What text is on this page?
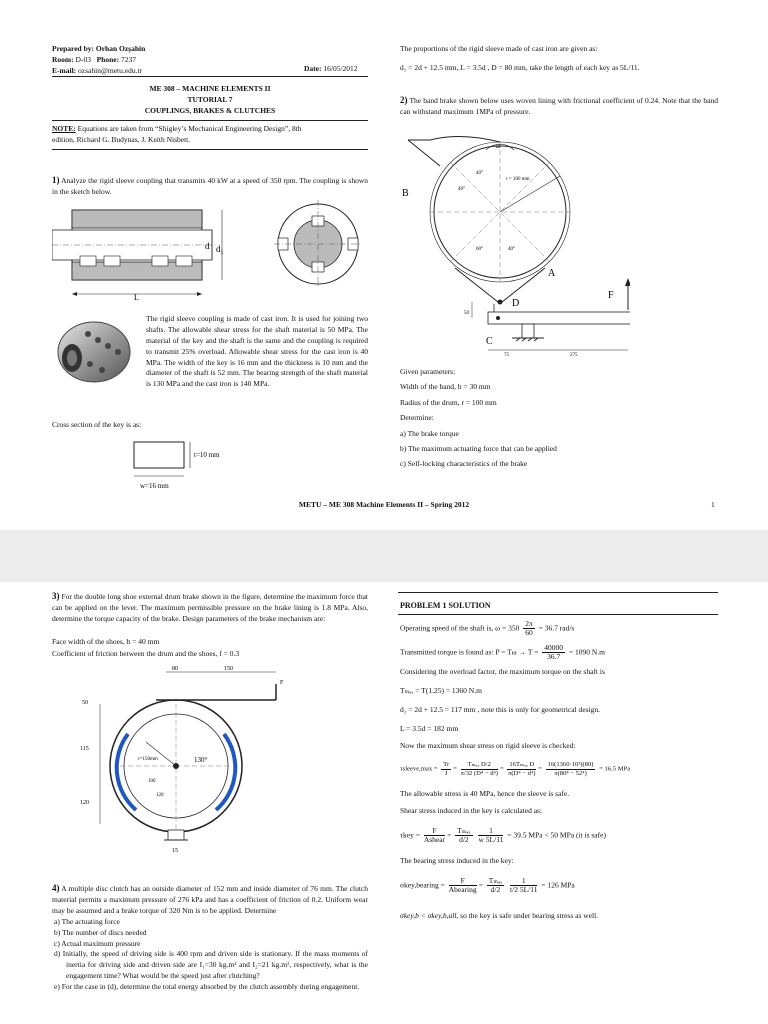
Prepared by: Orhan Ozşahin
Room: D-03 Phone: 7237
E-mail: ozsahin@metu.edu.tr	Date: 16/05/2012
ME 308 – MACHINE ELEMENTS II
TUTORIAL 7
COUPLINGS, BRAKES & CLUTCHES
NOTE: Equations are taken from “Shigley’s Mechanical Engineering Design”, 8th
edition, Richard G. Budynas, J. Keith Nisbett.
1) Analyze the rigid sleeve coupling that transmits 40 kW at a speed of 350 rpm. The coupling is shown in the sketch below.
d $d_1$
L
The rigid sleeve coupling is made of cast iron. It is used for joining two shafts. The allowable shear stress for the shaft material is 50 MPa. The material of the key and the shaft is the same and the coupling is required to transmit 25% overload. Allowable shear stress for the cast iron is 40 MPa. The width of the key is 16 mm and the thickness is 10 mm and the diameter of the shaft is 52 mm. The bearing strength of the shaft material is 130 MPa and the cast iron is 140 MPa.
Cross section of the key is as:
t=10 mm
w=16 mm
The proportions of the rigid sleeve made of cast iron are given as:
d₁ = 2d + 12.5 mm, L = 3.5d , D = 80 mm, take the length of each key as 5L/11.
2) The band brake shown below uses woven lining with frictional coefficient of 0.24. Note that the band can withstand maximum 1MPa of pressure.
B
A
D
C
F
ω
r = 100 mm
40°
40°
60°	40°
50
75	275
Given parameters:
Width of the band, b = 30 mm
Radius of the drum, r = 100 mm
Determine:
a) The brake torque
b) The maximum actuating force that can be applied
c) Self-locking characteristics of the brake
METU – ME 308 Machine Elements II – Spring 2012	1
3) For the double long shoe external drum brake shown in the figure, determine the maximum force that can be applied on the lever. The maximum permissible pressure on the brake lining is 1.8 MPa. Also, determine the torque capacity of the brake. Design parameters of the brake mechanism are:
Face width of the shoes, b = 40 mm
Coefficient of friction between the drum and the shoes, f = 0.3
80	150
50
115
120
15
130°
F
r=150mm
100
120
4) A multiple disc clutch has an outside diameter of 152 mm and inside diameter of 76 mm. The clutch material permits a maximum pressure of 276 kPa and has a coefficient of friction of 0.2. Uniform wear may be assumed and a brake torque of 320 Nm is to be applied. Determine
a) The actuating force
b) The number of discs needed
c) Actual maximum pressure
d) Initially, the speed of driving side is 400 rpm and driven side is stationary. If the mass moments of inertia for driving side and driven side are I₁=30 kg.m² and I₂=21 kg.m², respectively, what is the engagement time? What would be the speed just after clutching?
e) For the case in (d), determine the total energy absorbed by the clutch assembly during engagement.
PROBLEM 1 SOLUTION
Operating speed of the shaft is, $\omega = 350 \frac{2\pi}{60} = 36.7$ rad/s
Transmitted torque is found as: $P = T\omega \to T = \frac{40000}{36.7} = 1090$ N.m
Considering the overload factor, the maximum torque on the shaft is
Tₘₐₓ = T(1.25) = 1360 N.m
d₁ = 2d + 12.5 = 117 mm , note this is only for geometrical design.
L = 3.5d = 182 mm
Now the maximum shear stress on rigid sleeve is checked:
τsleeve,max = $\frac{Tr}{J} = \frac{\text{Tₘₐₓ D/2}}{\text{π/32 (D⁴ − d⁴)}} = \frac{\text{16Tₘₐₓ D}}{\text{π(D⁴ − d⁴)}} = \frac{\text{16(1360·10³)(80)}}{\text{π(80⁴ − 52⁴)}} = 16.5$ MPa
The allowable stress is 40 MPa, hence the sleeve is safe.
Shear stress induced in the key is calculated as:
$\tau key = \frac{F}{\text{Ashear}} = \frac{\text{Tₘₐₓ}}{d/2}$
$\frac{1}{w 5L/11} = 39.5$ MPa < 50 MPa (it is safe)
The bearing stress induced in the key:
σkey,bearing = $\frac{F}{\text{Abearing}} = \frac{\text{Tₘₐₓ}}{d/2}$
$\frac{1}{t/2 5L/11} = 126$ MPa
σkey,b < σkey,b,all, so the key is safe under bearing stress as well.
